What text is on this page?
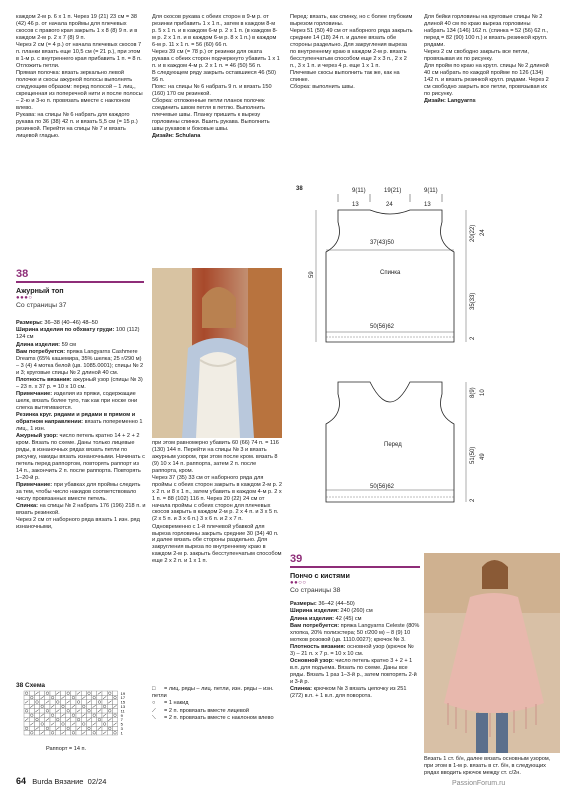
каждом 2-м р. 6 х 1 п. Через 19 (21) 23 см = 38 (42) 46 р. от начала проймы для плечевых скосов с правого края закрыть 1 х 8 (8) 9 п. и в каждом 2-м р. 2 х 7 (8) 9 п.

Через 2 см (= 4 р.) от начала плечевых скосов 7 п. планки вязать еще 10,5 см (= 21 р.), при этом в 1-м р. с внутреннего края прибавить 1 п. = 8 п. Отложить петли.

Прямая полочка: вязать зеркально левой полочке и скосы ажурной полосы выполнять следующим образом: перед полосой – 1 лиц., скрещенная из поперечной нити и после полосы – 2-ю и 3-ю п. провязать вместе с наклоном влево.

Рукава: на спицы № 6 набрать для каждого рукава по 36 (38) 42 п. и вязать 5,5 см (= 15 р.) резинкой. Перейти на спицы № 7 и вязать лицевой гладью.

Для скосов рукава с обеих сторон в 9-м р. от резинки прибавить 1 х 1 п., затем в каждом 8-м р. 5 х 1 п. и в каждом 6-м р. 2 х 1 п. (в каждом 8-м р. 2 х 1 п. и в каждом 6-м р. 8 х 1 п.) в каждом 6-м р. 11 х 1 п. = 56 (60) 66 п.

Через 39 см (= 78 р.) от резинки для оката рукава с обеих сторон подчеркнуто убавить 1 х 1 п. и в каждом 4-м р. 2 х 1 п. = 46 (50) 56 п.

В следующем ряду закрыть оставшиеся 46 (50) 56 п.

Пояс: на спицы № 6 набрать 9 п. и вязать 150 (160) 170 см резинкой.

Сборка: отложенные петли планок полочек соединить швом петля в петлю. Выполнить плечевые швы. Планку пришить к вырезу горловины спинки. Вшить рукава. Выполнить швы рукавов и боковые швы.

Дизайн: Schulana

Перед: вязать, как спинку, но с более глубоким вырезом горловины.

Через 51 (50) 49 см от наборного ряда закрыть средние 14 (18) 24 п. и далее вязать обе стороны раздельно. Для закругления выреза по внутреннему краю в каждом 2-м р. вязать бесступенчатым способом еще 2 х 3 п., 2 х 2 п., 3 х 1 п. и через 4 р. еще 1 х 1 п.

Плечевые скосы выполнить так же, как на спинке.

Сборка: выполнить швы.

Для бейки горловины на круговые спицы № 2 длиной 40 см по краю выреза горловины набрать 134 (146) 162 п. (спинка = 52 (56) 62 п., перед = 82 (90) 100 п.) и вязать резинкой кругл. рядами.

Через 2 см свободно закрыть все петли, провязывая их по рисунку.

Для пройм по краю на кругл. спицы № 2 длиной 40 см набрать по каждой пройме по 126 (134) 142 п. и вязать резинкой кругл. рядами. Через 2 см свободно закрыть все петли, провязывая их по рисунку.

Дизайн: Langyarns

38
Ажурный топ
●●●○
Со страницы 37

Размеры: 36–38 (40–46) 48–50

Ширина изделия по обхвату груди: 100 (112) 124 см

Длина изделия: 59 см

Вам потребуется: пряжа Langyarns Cashmere Dreams (65% кашемира, 35% шелка; 25 г/290 м) – 3 (4) 4 мотка белой (цв. 1085.0001); спицы № 2 и 3; круговые спицы № 2 длиной 40 см.

Плотность вязания: ажурный узор (спицы № 3) – 23 п. х 37 р. = 10 х 10 см.

Примечание: изделия из пряжи, содержащие шелк, вязать более туго, так как при носке они слегка вытягиваются.

Резинка круг. рядами и рядами в прямом и обратном направлении: вязать попеременно 1 лиц., 1 изн.

Ажурный узор: число петель кратно 14 + 2 + 2 кром. Вязать по схеме. Даны только лицевые ряды, в изнаночных рядах вязать петли по рисунку, накиды вязать изнаночными. Начинать с петель перед раппортом, повторять раппорт из 14 п., закончить 2 п. после раппорта. Повторять 1–20-й р.

Примечание: при убавках для проймы следить за тем, чтобы число накидов соответствовало числу провязанных вместе петель.

Спинка: на спицы № 2 набрать 176 (196) 218 п. и вязать резинкой.

Через 2 см от наборного ряда вязать 1 изн. ряд изнаночными,

при этом равномерно убавить 60 (66) 74 п. = 116 (130) 144 п. Перейти на спицы № 3 и вязать ажурным узором, при этом после кром. вязать 8 (9) 10 х 14 п. раппорта, затем 2 п. после раппорта, кром.

Через 37 (35) 33 см от наборного ряда для проймы с обеих сторон закрыть в каждом 2-м р. 2 х 2 п. и 8 х 1 п., затем убавить в каждом 4-м р. 2 х 1 п. = 88 (102) 116 п. Через 20 (22) 24 см от начала проймы с обеих сторон для плечевых скосов закрыть в каждом 2-м р. 2 х 4 п. и 3 х 5 п. (2 х 5 п. и 3 х 6 п.) 3 х 6 п. и 2 х 7 п.

Одновременно с 1-й плечевой убавкой для выреза горловины закрыть средние 30 (34) 40 п. и далее вязать обе стороны раздельно. Для закругления выреза по внутреннему краю в каждом 2-м р. закрыть бесступенчатым способом еще 2 х 2 п. и 1 х 1 п.

38	9(11)	19(21)	9(11)
13	24	13
Спинка
37(43)50
50(56)62
59
20(22) 24
35(33)
2
Перед
50(56)62
8(9) 10
51(50) 49
2
39
Пончо с кистями
●●○○
Со страницы 38

Размеры: 36–42 (44–50)

Ширина изделия: 240 (260) см

Длина изделия: 42 (45) см

Вам потребуется: пряжа Langyarns Celeste (80% хлопка, 20% полиэстера; 50 г/200 м) – 8 (9) 10 мотков розовой (цв. 1110.0027); крючок № 3.

Плотность вязания: основной узор (крючок № 3) – 21 п. х 7 р. = 10 х 10 см.

Основной узор: число петель кратно 3 + 2 + 1 в.п. для подъема. Вязать по схеме. Даны все ряды. Вязать 1 раз 1–3-й р., затем повторять 2-й и 3-й р.

Спинка: крючком № 3 вязать цепочку из 251 (272) в.п. + 1 в.п. для поворота.

Вязать 1 ст. б/н, далее вязать основным узором, при этом в 1-м р. вязать в ст. б/н, в следующих рядах вводить крючок между ст. с/2н.
38 Схема
1
3
5
7
9
11
13
15
17
19
Раппорт = 14 п.

□ = лиц. ряды – лиц. петли, изн. ряды – изн. петли

○ = 1 накид

⟋ = 2 п. провязать вместе лицевой

⟍ = 2 п. провязать вместе с наклоном влево

64 Burda Вязание 02/24	PassionForum.ru
